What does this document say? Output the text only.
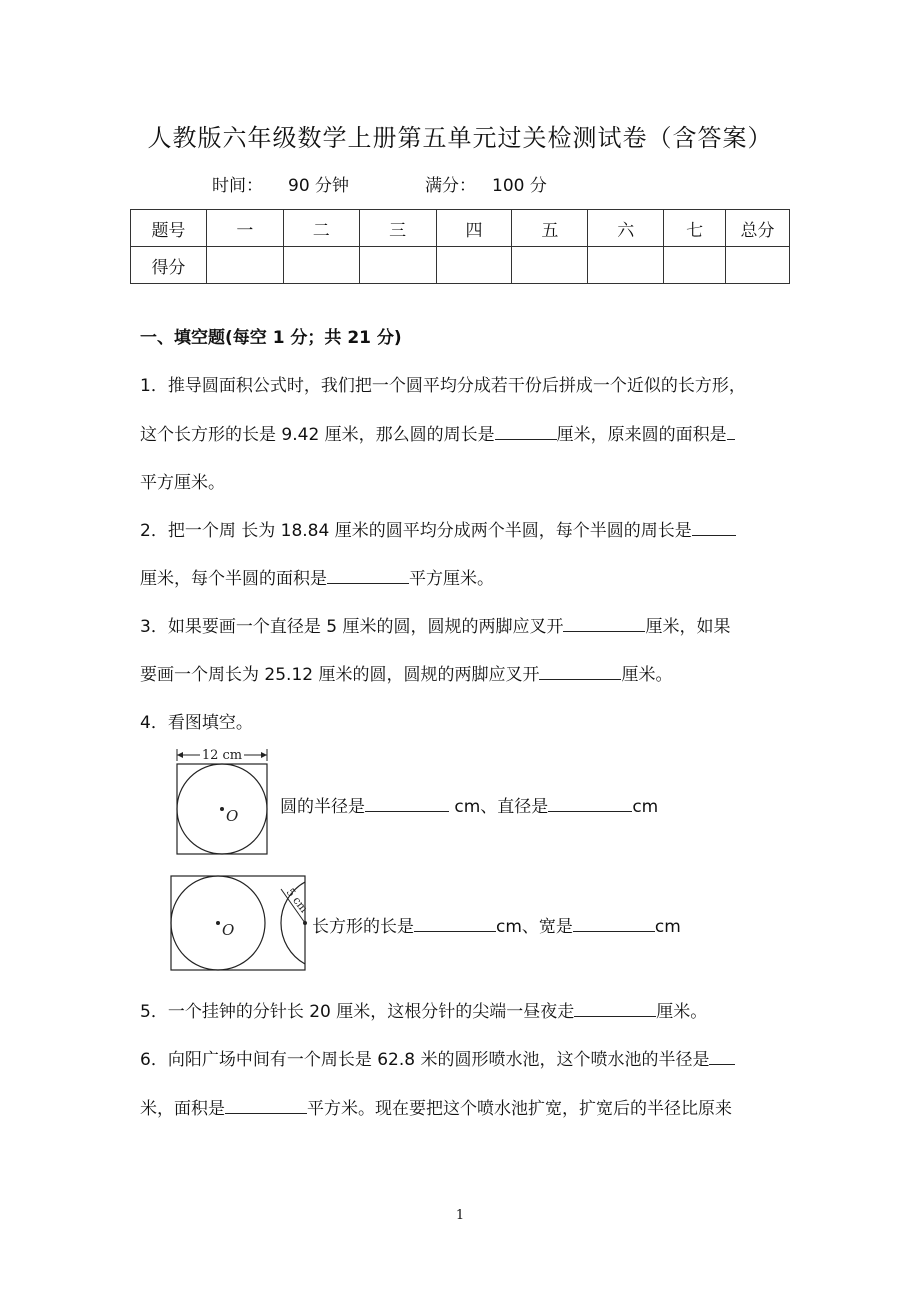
人教版六年级数学上册第五单元过关检测试卷（含答案）
时间： 90 分钟	满分： 100 分
题号	一	二	三	四	五	六	七	总分
得分								
一、填空题(每空 1 分；共 21 分)
1．推导圆面积公式时，我们把一个圆平均分成若干份后拼成一个近似的长方形，
这个长方形的长是 9.42 厘米，那么圆的周长是	厘米，原来圆的面积是
平方厘米。
2．把一个周 长为 18.84 厘米的圆平均分成两个半圆，每个半圆的周长是
厘米，每个半圆的面积是	平方厘米。
3．如果要画一个直径是 5 厘米的圆，圆规的两脚应叉开	厘米，如果
要画一个周长为 25.12 厘米的圆，圆规的两脚应叉开	厘米。
4．看图填空。
12 cm
O 圆的半径是	cm、直径是	cm
O
5 cm
长方形的长是	cm、宽是	cm
5．一个挂钟的分针长 20 厘米，这根分针的尖端一昼夜走	厘米。
6．向阳广场中间有一个周长是 62.8 米的圆形喷水池，这个喷水池的半径是
米，面积是	平方米。现在要把这个喷水池扩宽，扩宽后的半径比原来
1
